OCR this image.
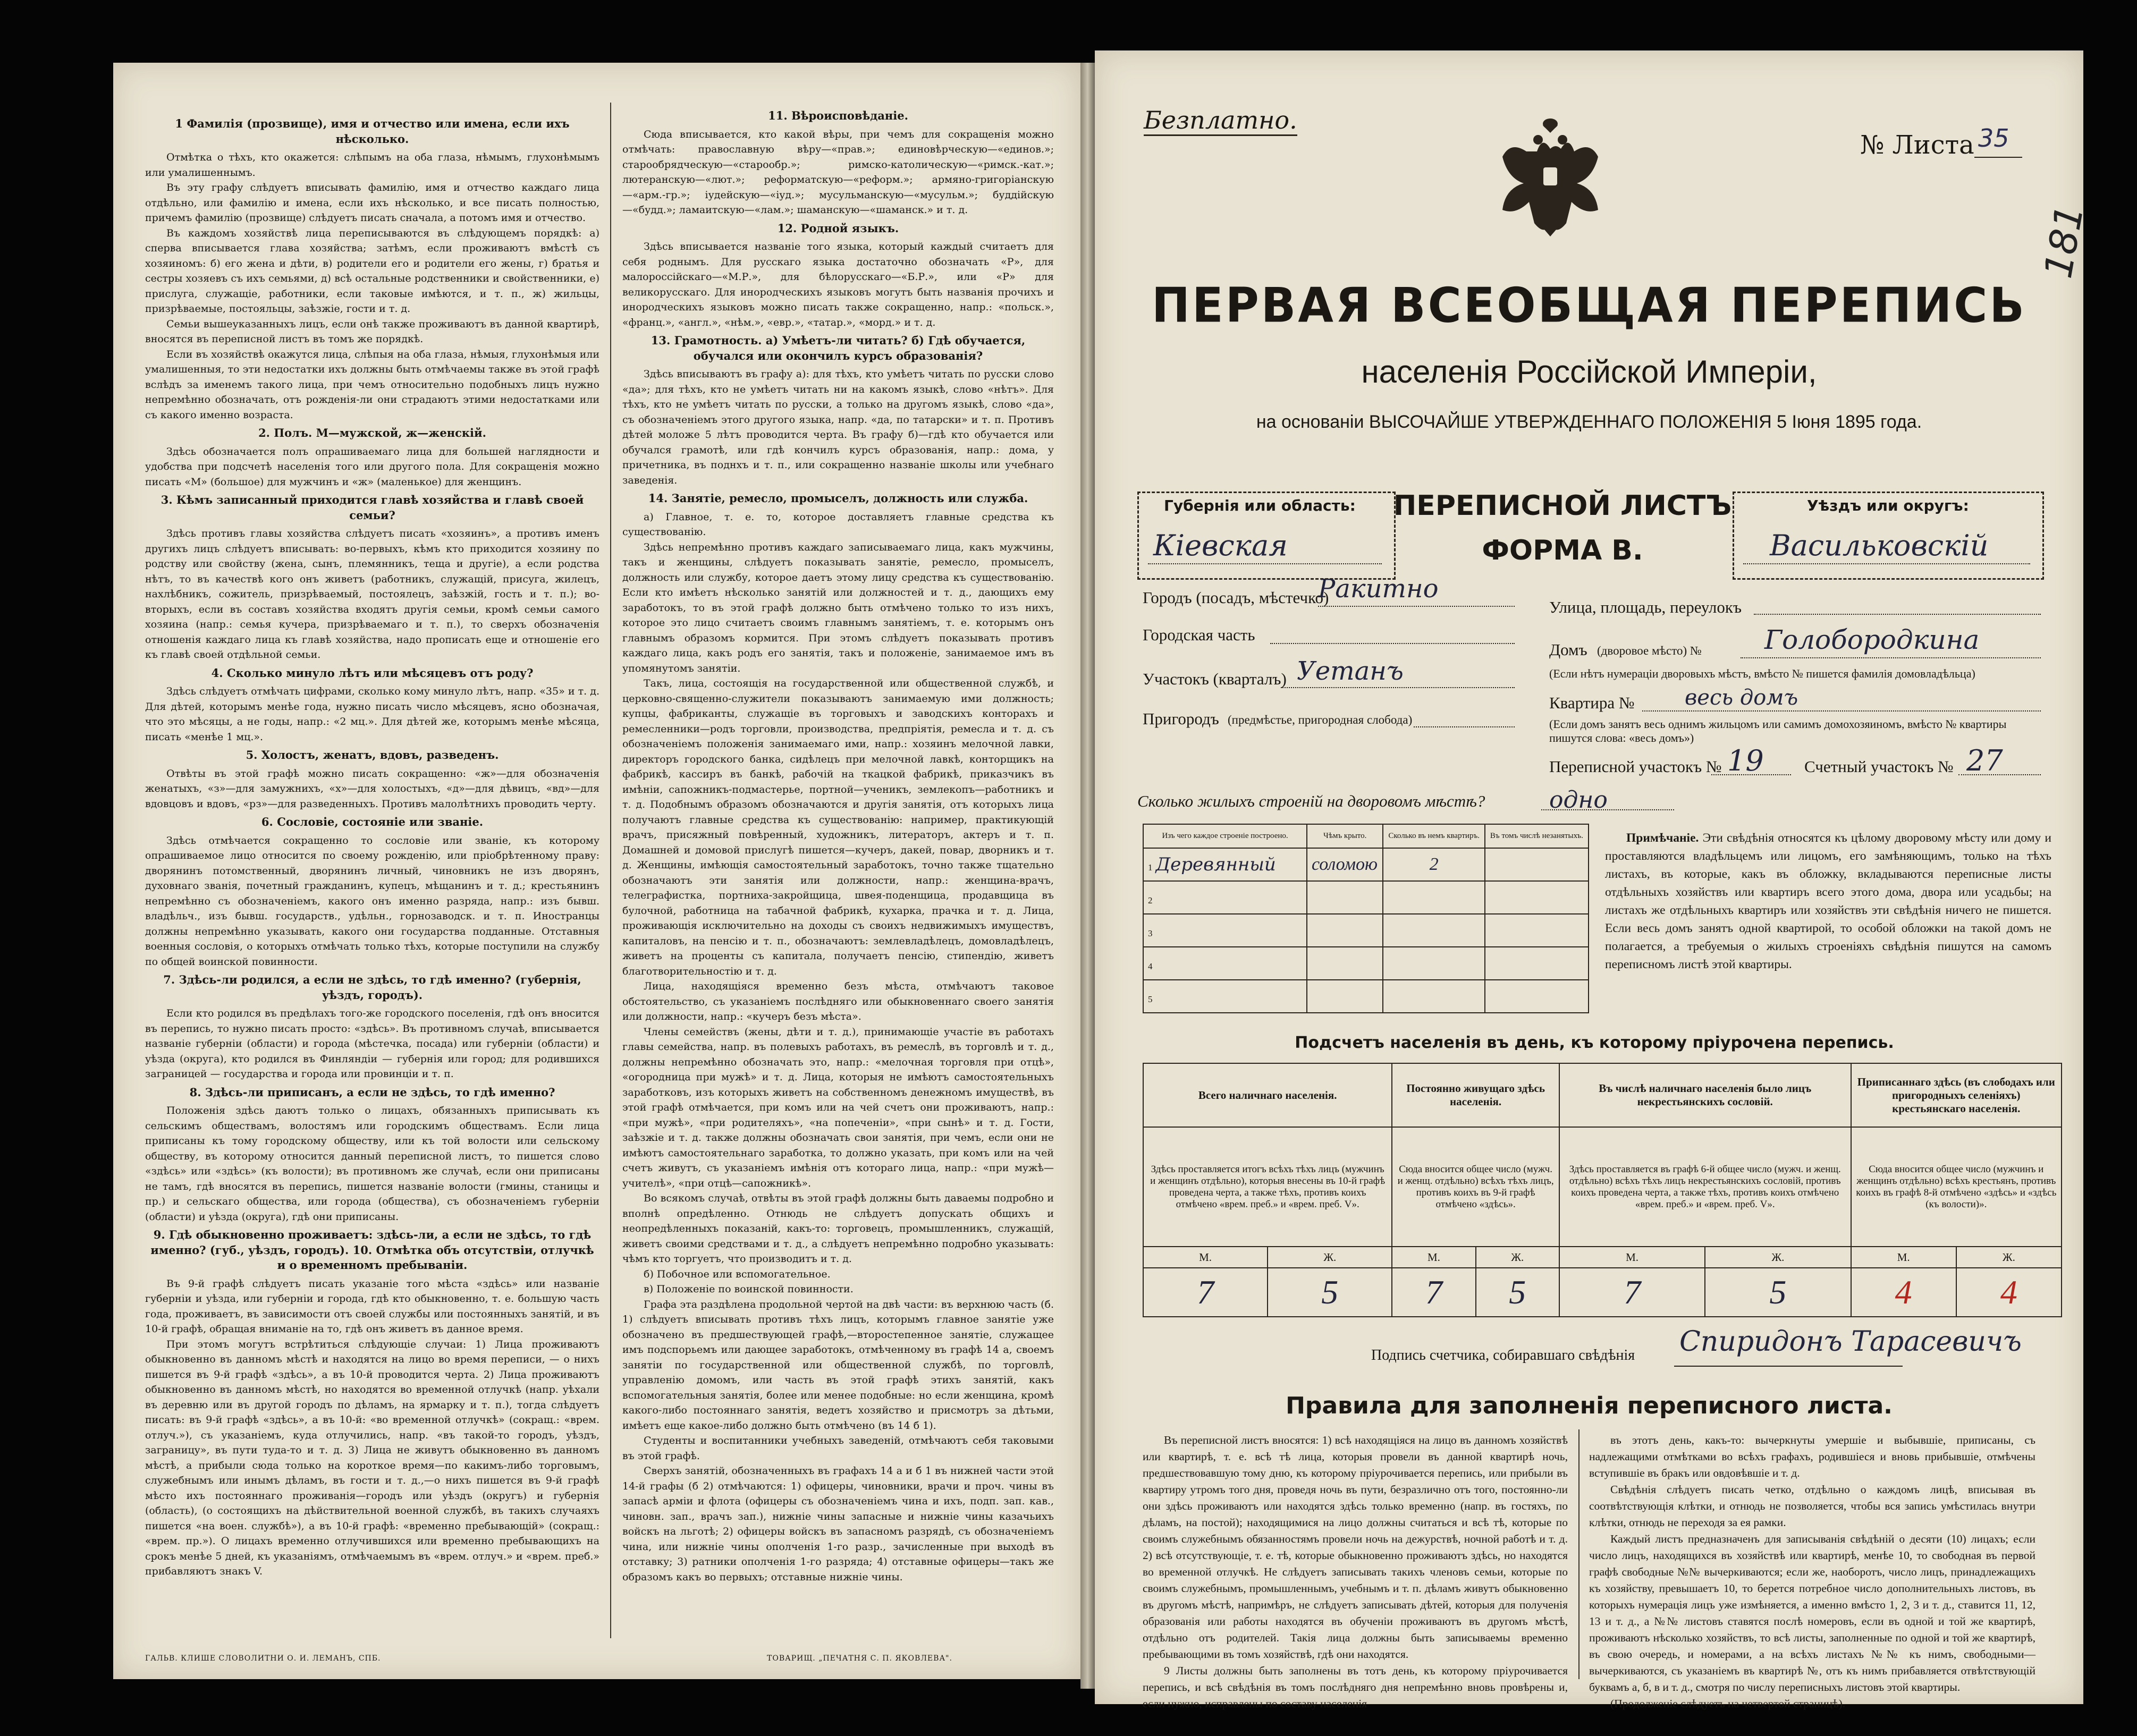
1 Фамилія (прозвище), имя и отчество или имена, если ихъ нѣсколько.

Отмѣтка о тѣхъ, кто окажется: слѣпымъ на оба глаза, нѣмымъ, глухонѣмымъ или умалишеннымъ.

Въ эту графу слѣдуетъ вписывать фамилію, имя и отчество каждаго лица отдѣльно, или фамилію и имена, если ихъ нѣсколько, и все писать полностью, причемъ фамилію (прозвище) слѣдуетъ писать сначала, а потомъ имя и отчество.

Въ каждомъ хозяйствѣ лица переписываются въ слѣдующемъ порядкѣ: а) сперва вписывается глава хозяйства; затѣмъ, если проживаютъ вмѣстѣ съ хозяиномъ: б) его жена и дѣти, в) родители его и родители его жены, г) братья и сестры хозяевъ съ ихъ семьями, д) всѣ остальные родственники и свойственники, е) прислуга, служащіе, работники, если таковые имѣются, и т. п., ж) жильцы, призрѣваемые, постояльцы, заѣзжіе, гости и т. д.

Семьи вышеуказанныхъ лицъ, если онѣ также проживаютъ въ данной квартирѣ, вносятся въ переписной листъ въ томъ же порядкѣ.

Если въ хозяйствѣ окажутся лица, слѣпыя на оба глаза, нѣмыя, глухонѣмыя или умалишенныя, то эти недостатки ихъ должны быть отмѣчаемы также въ этой графѣ вслѣдъ за именемъ такого лица, при чемъ относительно подобныхъ лицъ нужно непремѣнно обозначать, отъ рожденія-ли они страдаютъ этими недостатками или съ какого именно возраста.

2. Полъ. М—мужской, ж—женскій.

Здѣсь обозначается полъ опрашиваемаго лица для большей наглядности и удобства при подсчетѣ населенія того или другого пола. Для сокращенія можно писать «М» (большое) для мужчинъ и «ж» (маленькое) для женщинъ.

3. Кѣмъ записанный приходится главѣ хозяйства и главѣ своей семьи?

Здѣсь противъ главы хозяйства слѣдуетъ писать «хозяинъ», а противъ именъ другихъ лицъ слѣдуетъ вписывать: во-первыхъ, кѣмъ кто приходится хозяину по родству или свойству (жена, сынъ, племянникъ, теща и другіе), а если родства нѣтъ, то въ качествѣ кого онъ живетъ (работникъ, служащій, присуга, жилецъ, нахлѣбникъ, сожитель, призрѣваемый, постоялецъ, заѣзжій, гость и т. п.); во-вторыхъ, если въ составъ хозяйства входятъ другія семьи, кромѣ семьи самого хозяина (напр.: семья кучера, призрѣваемаго и т. п.), то сверхъ обозначенія отношенія каждаго лица къ главѣ хозяйства, надо прописать еще и отношеніе его къ главѣ своей отдѣльной семьи.

4. Сколько минуло лѣтъ или мѣсяцевъ отъ роду?

Здѣсь слѣдуетъ отмѣчать цифрами, сколько кому минуло лѣтъ, напр. «35» и т. д. Для дѣтей, которымъ менѣе года, нужно писать число мѣсяцевъ, ясно обозначая, что это мѣсяцы, а не годы, напр.: «2 мц.». Для дѣтей же, которымъ менѣе мѣсяца, писать «менѣе 1 мц.».

5. Холостъ, женатъ, вдовъ, разведенъ.

Отвѣты въ этой графѣ можно писать сокращенно: «ж»—для обозначенія женатыхъ, «з»—для замужнихъ, «х»—для холостыхъ, «д»—для дѣвицъ, «вд»—для вдовцовъ и вдовъ, «рз»—для разведенныхъ. Противъ малолѣтнихъ проводить черту.

6. Сословіе, состояніе или званіе.

Здѣсь отмѣчается сокращенно то сословіе или званіе, къ которому опрашиваемое лицо относится по своему рожденію, или пріобрѣтенному праву: дворянинъ потомственный, дворянинъ личный, чиновникъ не изъ дворянъ, духовнаго званія, почетный гражданинъ, купецъ, мѣщанинъ и т. д.; крестьянинъ непремѣнно съ обозначеніемъ, какого онъ именно разряда, напр.: изъ бывш. владѣльч., изъ бывш. государств., удѣльн., горнозаводск. и т. п. Иностранцы должны непремѣнно указывать, какого они государства подданные. Отставныя военныя сословія, о которыхъ отмѣчать только тѣхъ, которые поступили на службу по общей воинской повинности.

7. Здѣсь-ли родился, а если не здѣсь, то гдѣ именно? (губернія, уѣздъ, городъ).

Если кто родился въ предѣлахъ того-же городского поселенія, гдѣ онъ вносится въ перепись, то нужно писать просто: «здѣсь». Въ противномъ случаѣ, вписывается названіе губерніи (области) и города (мѣстечка, посада) или губерніи (области) и уѣзда (округа), кто родился въ Финляндіи — губернія или город; для родившихся заграницей — государства и города или провинціи и т. п.

8. Здѣсь-ли приписанъ, а если не здѣсь, то гдѣ именно?

Положенія здѣсь даютъ только о лицахъ, обязанныхъ приписывать къ сельскимъ обществамъ, волостямъ или городскимъ обществамъ. Если лица приписаны къ тому городскому обществу, или къ той волости или сельскому обществу, въ которому относится данный переписной листъ, то пишется слово «здѣсь» или «здѣсь» (къ волости); въ противномъ же случаѣ, если они приписаны не тамъ, гдѣ вносятся въ перепись, пишется названіе волости (гмины, станицы и пр.) и сельскаго общества, или города (общества), съ обозначеніемъ губерніи (области) и уѣзда (округа), гдѣ они приписаны.

9. Гдѣ обыкновенно проживаетъ: здѣсь-ли, а если не здѣсь, то гдѣ именно? (губ., уѣздъ, городъ). 10. Отмѣтка объ отсутствіи, отлучкѣ и о временномъ пребываніи.

Въ 9-й графѣ слѣдуетъ писать указаніе того мѣста «здѣсь» или названіе губерніи и уѣзда, или губерніи и города, гдѣ кто обыкновенно, т. е. большую часть года, проживаетъ, въ зависимости отъ своей службы или постоянныхъ занятій, и въ 10-й графѣ, обращая вниманіе на то, гдѣ онъ живетъ въ данное время.

При этомъ могутъ встрѣтиться слѣдующіе случаи: 1) Лица проживаютъ обыкновенно въ данномъ мѣстѣ и находятся на лицо во время переписи, — о нихъ пишется въ 9-й графѣ «здѣсь», а въ 10-й проводится черта. 2) Лица проживаютъ обыкновенно въ данномъ мѣстѣ, но находятся во временной отлучкѣ (напр. уѣхали въ деревню или въ другой городъ по дѣламъ, на ярмарку и т. п.), тогда слѣдуетъ писать: въ 9-й графѣ «здѣсь», а въ 10-й: «во временной отлучкѣ» (сокращ.: «врем. отлуч.»), съ указаніемъ, куда отлучились, напр. «въ такой-то городъ, уѣздъ, заграницу», въ пути туда-то и т. д. 3) Лица не живутъ обыкновенно въ данномъ мѣстѣ, а прибыли сюда только на короткое время—по какимъ-либо торговымъ, служебнымъ или инымъ дѣламъ, въ гости и т. д.,—о нихъ пишется въ 9-й графѣ мѣсто ихъ постояннаго проживанія—городъ или уѣздъ (округъ) и губернія (область), (о состоящихъ на дѣйствительной военной службѣ, въ такихъ случаяхъ пишется «на воен. службѣ»), а въ 10-й графѣ: «временно пребывающій» (сокращ.: «врем. пр.»). О лицахъ временно отлучившихся или временно пребывающихъ на срокъ менѣе 5 дней, къ указаніямъ, отмѣчаемымъ въ «врем. отлуч.» и «врем. преб.» прибавляютъ знакъ V.

11. Вѣроисповѣданіе.

Сюда вписывается, кто какой вѣры, при чемъ для сокращенія можно отмѣчать: православную вѣру—«прав.»; единовѣрческую—«единов.»; старообрядческую—«старообр.»; римско-католическую—«римск.-кат.»; лютеранскую—«лют.»; реформатскую—«реформ.»; армяно-григоріанскую—«арм.-гр.»; іудейскую—«іуд.»; мусульманскую—«мусульм.»; буддійскую—«будд.»; ламаитскую—«лам.»; шаманскую—«шаманск.» и т. д.

12. Родной языкъ.

Здѣсь вписывается названіе того языка, который каждый считаетъ для себя роднымъ. Для русскаго языка достаточно обозначать «Р», для малороссійскаго—«М.Р.», для бѣлорусскаго—«Б.Р.», или «Р» для великорусскаго. Для инородческихъ языковъ могутъ быть названія прочихъ и инородческихъ языковъ можно писать также сокращенно, напр.: «польск.», «франц.», «англ.», «нѣм.», «евр.», «татар.», «морд.» и т. д.

13. Грамотность. а) Умѣетъ-ли читать? б) Гдѣ обучается, обучался или окончилъ курсъ образованія?

Здѣсь вписываютъ въ графу а): для тѣхъ, кто умѣетъ читать по русски слово «да»; для тѣхъ, кто не умѣетъ читать ни на какомъ языкѣ, слово «нѣтъ». Для тѣхъ, кто не умѣетъ читать по русски, а только на другомъ языкѣ, слово «да», съ обозначеніемъ этого другого языка, напр. «да, по татарски» и т. п. Противъ дѣтей моложе 5 лѣтъ проводится черта. Въ графу б)—гдѣ кто обучается или обучался грамотѣ, или гдѣ кончилъ курсъ образованія, напр.: дома, у причетника, въ поднхъ и т. п., или сокращенно названіе школы или учебнаго заведенія.

14. Занятіе, ремесло, промыселъ, должность или служба.

а) Главное, т. е. то, которое доставляетъ главные средства къ существованію.

Здѣсь непремѣнно противъ каждаго записываемаго лица, какъ мужчины, такъ и женщины, слѣдуетъ показывать занятіе, ремесло, промыселъ, должность или службу, которое даетъ этому лицу средства къ существованію. Если кто имѣетъ нѣсколько занятій или должностей и т. д., дающихъ ему заработокъ, то въ этой графѣ должно быть отмѣчено только то изъ нихъ, которое это лицо считаетъ своимъ главнымъ занятіемъ, т. е. которымъ онъ главнымъ образомъ кормится. При этомъ слѣдуетъ показывать противъ каждаго лица, какъ родъ его занятія, такъ и положеніе, занимаемое имъ въ упомянутомъ занятіи.

Такъ, лица, состоящія на государственной или общественной службѣ, и церковно-священно-служители показываютъ занимаемую ими должность; купцы, фабриканты, служащіе въ торговыхъ и заводскихъ конторахъ и ремесленники—родъ торговли, производства, предпріятія, ремесла и т. д. съ обозначеніемъ положенія занимаемаго ими, напр.: хозяинъ мелочной лавки, директоръ городского банка, сидѣлецъ при мелочной лавкѣ, конторщикъ на фабрикѣ, кассиръ въ банкѣ, рабочій на ткацкой фабрикѣ, приказчикъ въ имѣніи, сапожникъ-подмастерье, портной—ученикъ, землекопъ—работникъ и т. д. Подобнымъ образомъ обозначаются и другія занятія, отъ которыхъ лица получаютъ главные средства къ существованію: например, практикующій врачъ, присяжный повѣренный, художникъ, литераторъ, актеръ и т. п. Домашней и домовой прислугѣ пишется—кучеръ, дакей, повар, дворникъ и т. д. Женщины, имѣющія самостоятельный заработокъ, точно также тщательно обозначаютъ эти занятія или должности, напр.: женщина-врачъ, телеграфистка, портниха-закройщица, швея-поденщица, продавщица въ булочной, работница на табачной фабрикѣ, кухарка, прачка и т. д. Лица, проживающія исключительно на доходы съ своихъ недвижимыхъ имуществъ, капиталовъ, на пенсію и т. п., обозначаютъ: землевладѣлецъ, домовладѣлецъ, живетъ на проценты съ капитала, получаетъ пенсію, стипендію, живетъ благотворительностію и т. д.

Лица, находящіяся временно безъ мѣста, отмѣчаютъ таковое обстоятельство, съ указаніемъ послѣдняго или обыкновеннаго своего занятія или должности, напр.: «кучеръ безъ мѣста».

Члены семействъ (жены, дѣти и т. д.), принимающіе участіе въ работахъ главы семейства, напр. въ полевыхъ работахъ, въ ремеслѣ, въ торговлѣ и т. д., должны непремѣнно обозначать это, напр.: «мелочная торговля при отцѣ», «огородница при мужѣ» и т. д. Лица, которыя не имѣютъ самостоятельныхъ заработковъ, изъ которыхъ живетъ на собственномъ денежномъ имуществѣ, въ этой графѣ отмѣчается, при комъ или на чей счетъ они проживаютъ, напр.: «при мужѣ», «при родителяхъ», «на попеченіи», «при сынѣ» и т. д. Гости, заѣзжіе и т. д. также должны обозначать свои занятія, при чемъ, если они не имѣютъ самостоятельнаго заработка, то должно указать, при комъ или на чей счетъ живутъ, съ указаніемъ имѣнія отъ котораго лица, напр.: «при мужѣ—учителѣ», «при отцѣ—сапожникѣ».

Во всякомъ случаѣ, отвѣты въ этой графѣ должны быть даваемы подробно и вполнѣ опредѣленно. Отнюдь не слѣдуетъ допускать общихъ и неопредѣленныхъ показаній, какъ-то: торговецъ, промышленникъ, служащій, живетъ своими средствами и т. д., а слѣдуетъ непремѣнно подробно указывать: чѣмъ кто торгуетъ, что производитъ и т. д.

б) Побочное или вспомогательное.

в) Положеніе по воинской повинности.

Графа эта раздѣлена продольной чертой на двѣ части: въ верхнюю часть (б. 1) слѣдуетъ вписывать противъ тѣхъ лицъ, которымъ главное занятіе уже обозначено въ предшествующей графѣ,—второстепенное занятіе, служащее имъ подспорьемъ или дающее заработокъ, отмѣченному въ графѣ 14 а, своемъ занятіи по государственной или общественной службѣ, по торговлѣ, управленію домомъ, или часть въ этой графѣ этихъ занятій, какъ вспомогательныя занятія, более или менее подобные: но если женщина, кромѣ какого-либо постояннаго занятія, ведетъ хозяйство и присмотръ за дѣтьми, имѣетъ еще какое-либо должно быть отмѣчено (въ 14 б 1).

Студенты и воспитанники учебныхъ заведеній, отмѣчаютъ себя таковыми въ этой графѣ.

Сверхъ занятій, обозначенныхъ въ графахъ 14 а и б 1 въ нижней части этой 14-й графы (б 2) отмѣчаются: 1) офицеры, чиновники, врачи и проч. чины въ запасѣ арміи и флота (офицеры съ обозначеніемъ чина и ихъ, подп. зап. кав., чиновн. зап., врачъ зап.), нижніе чины запасные и нижніе чины казачьихъ войскъ на льготѣ; 2) офицеры войскъ въ запасномъ разрядѣ, съ обозначеніемъ чина, или нижніе чины ополченія 1-го разр., зачисленные при выходѣ въ отставку; 3) ратники ополченія 1-го разряда; 4) отставные офицеры—такъ же образомъ какъ во первыхъ; отставные нижніе чины.

ГАЛЬВ. КЛИШЕ СЛОВОЛИТНИ О. И. ЛЕМАНЪ, СПБ.	ТОВАРИЩ. „ПЕЧАТНЯ С. П. ЯКОВЛЕВА".
Безплатно.
№ Листа 35
181
ПЕРВАЯ ВСЕОБЩАЯ ПЕРЕПИСЬ
населенія Россійской Имперіи,
на основаніи ВЫСОЧАЙШЕ УТВЕРЖДЕННАГО ПОЛОЖЕНІЯ 5 Іюня 1895 года.
Губернія или область:
Кіевская
ПЕРЕПИСНОЙ ЛИСТЪ
ФОРМА В.
Уѣздъ или округъ:
Васильковскій
Городъ (посадъ, мѣстечко)
Ракитно
Городская часть
Участокъ (кварталъ) Уетанъ
Пригородъ (предмѣстье, пригородная слобода)
Улица, площадь, переулокъ
Домъ (дворовое мѣсто) № Голобородкина
(Если нѣтъ нумераціи дворовыхъ мѣстъ, вмѣсто № пишется фамилія домовладѣльца)
Квартира № весь домъ
(Если домъ занятъ весь однимъ жильцомъ или самимъ домохозяиномъ, вмѣсто № квартиры пишутся слова: «весь домъ»)
Переписной участокъ № 19 Счетный участокъ № 27
Сколько жилыхъ строеній на дворовомъ мѣстѣ?	одно
Изъ чего каждое строеніе построено.	Чѣмъ крыто.	Сколько въ немъ квартиръ.	Въ томъ числѣ незанятыхъ.
1 Деревянный	соломою	2	
2			
3			
4			
5			

Примѣчаніе. Эти свѣдѣнія относятся къ цѣлому дворовому мѣсту или дому и проставляются владѣльцемъ или лицомъ, его замѣняющимъ, только на тѣхъ листахъ, въ которые, какъ въ обложку, вкладываются переписные листы отдѣльныхъ хозяйствъ или квартиръ всего этого дома, двора или усадьбы; на листахъ же отдѣльныхъ квартиръ или хозяйствъ эти свѣдѣнія ничего не пишется. Если весь домъ занятъ одной квартирой, то особой обложки на такой домъ не полагается, а требуемыя о жилыхъ строеніяхъ свѣдѣнія пишутся на самомъ переписномъ листѣ этой квартиры.

Подсчетъ населенія въ день, къ которому пріурочена перепись.
Всего наличнаго населенія.		Постоянно живущаго здѣсь населенія.		Въ числѣ наличнаго населенія было лицъ некрестьянскихъ сословій.		Приписаннаго здѣсь (въ слободахъ или пригородныхъ селеніяхъ) крестьянскаго населенія.	
Здѣсь проставляется итогъ всѣхъ тѣхъ лицъ (мужчинъ и женщинъ отдѣльно), которыя внесены въ 10-й графѣ проведена черта, а также тѣхъ, противъ коихъ отмѣчено «врем. преб.» и «врем. преб. V».		Сюда вносится общее число (мужч. и женщ. отдѣльно) всѣхъ тѣхъ лицъ, противъ коихъ въ 9-й графѣ отмѣчено «здѣсь».		Здѣсь проставляется въ графѣ 6-й общее число (мужч. и женщ. отдѣльно) всѣхъ тѣхъ лицъ некрестьянскихъ сословій, противъ коихъ проведена черта, а также тѣхъ, противъ коихъ отмѣчено «врем. преб.» и «врем. преб. V».		Сюда вносится общее число (мужчинъ и женщинъ отдѣльно) всѣхъ крестьянъ, противъ коихъ въ графѣ 8-й отмѣчено «здѣсь» и «здѣсь (къ волости)».	
М.	Ж.	М.	Ж.	М.	Ж.	М.	Ж.
7	5	7	5	7	5	4	4
Подпись счетчика, собиравшаго свѣдѣнія Спиридонъ Тарасевичъ
Правила для заполненія переписного листа.

Въ переписной листъ вносятся: 1) всѣ находящіяся на лицо въ данномъ хозяйствѣ или квартирѣ, т. е. всѣ тѣ лица, которыя провели въ данной квартирѣ ночь, предшествовавшую тому дню, къ которому пріурочивается перепись, или прибыли въ квартиру утромъ того дня, проведя ночь въ пути, безразлично отъ того, постоянно-ли они здѣсь проживаютъ или находятся здѣсь только временно (напр. въ гостяхъ, по дѣламъ, на постой); находящимися на лицо должны считаться и всѣ тѣ, которые по своимъ служебнымъ обязанностямъ провели ночь на дежурствѣ, ночной работѣ и т. д. 2) всѣ отсутствующіе, т. е. тѣ, которые обыкновенно проживаютъ здѣсь, но находятся во временной отлучкѣ. Не слѣдуетъ записывать такихъ членовъ семьи, которые по своимъ служебнымъ, промышленнымъ, учебнымъ и т. п. дѣламъ живутъ обыкновенно въ другомъ мѣстѣ, напримѣръ, не слѣдуетъ записывать дѣтей, которыя для полученія образованія или работы находятся въ обученіи проживаютъ въ другомъ мѣстѣ, отдѣльно отъ родителей. Такія лица должны быть записываемы временно пребывающими въ томъ хозяйствѣ, гдѣ они находятся.

9 Листы должны быть заполнены въ тотъ день, къ которому пріурочивается перепись, и всѣ свѣдѣнія въ томъ послѣдняго дня непремѣнно вновь провѣрены и, если нужно, исправлены по составу населенія

въ этотъ день, какъ-то: вычеркнуты умершіе и выбывшіе, приписаны, съ надлежащими отмѣтками во всѣхъ графахъ, родившіеся и вновь прибывшіе, отмѣчены вступившіе въ бракъ или овдовѣвшіе и т. д.

Свѣдѣнія слѣдуетъ писать четко, отдѣльно о каждомъ лицѣ, вписывая въ соотвѣтствующія клѣтки, и отнюдь не позволяется, чтобы вся запись умѣстилась внутри клѣтки, отнюдь не переходя за ея рамки.

Каждый листъ предназначенъ для записыванія свѣдѣній о десяти (10) лицахъ; если число лицъ, находящихся въ хозяйствѣ или квартирѣ, менѣе 10, то свободная въ первой графѣ свободные №№ вычеркиваются; если же, наоборотъ, число лицъ, принадлежащихъ къ хозяйству, превышаетъ 10, то берется потребное число дополнительныхъ листовъ, въ которыхъ нумерація лицъ уже измѣняется, а именно вмѣсто 1, 2, 3 и т. д., ставится 11, 12, 13 и т. д., а №№ листовъ ставятся послѣ номеровъ, если въ одной и той же квартирѣ, проживаютъ нѣсколько хозяйствъ, то всѣ листы, заполненные по одной и той же квартирѣ, въ свою очередь, и номерами, а на всѣхъ листахъ №№ къ нимъ, свободными—вычеркиваются, съ указаніемъ въ квартирѣ №, отъ къ нимъ прибавляется отвѣтствующій буквамъ а, б, в и т. д., смотря по числу переписныхъ листовъ этой квартиры.

(Продолженіе слѣдуетъ на четвертой страницѣ).
